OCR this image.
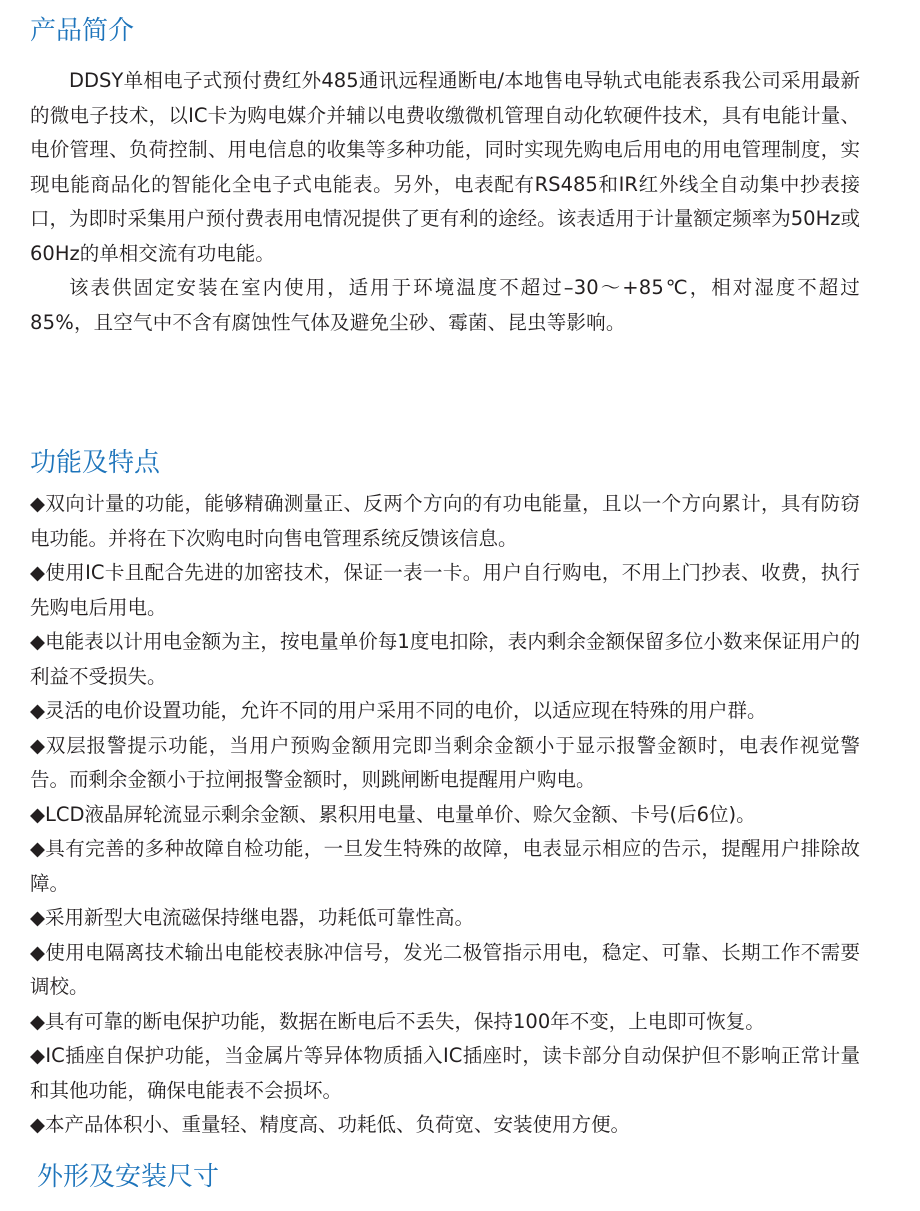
产品简介

DDSY单相电子式预付费红外485通讯远程通断电/本地售电导轨式电能表系我公司采用最新的微电子技术，以IC卡为购电媒介并辅以电费收缴微机管理自动化软硬件技术，具有电能计量、电价管理、负荷控制、用电信息的收集等多种功能，同时实现先购电后用电的用电管理制度，实现电能商品化的智能化全电子式电能表。另外，电表配有RS485和IR红外线全自动集中抄表接口，为即时采集用户预付费表用电情况提供了更有利的途经。该表适用于计量额定频率为50Hz或60Hz的单相交流有功电能。

该表供固定安装在室内使用，适用于环境温度不超过–30～+85℃，相对湿度不超过85%，且空气中不含有腐蚀性气体及避免尘砂、霉菌、昆虫等影响。

功能及特点
◆双向计量的功能，能够精确测量正、反两个方向的有功电能量，且以一个方向累计，具有防窃电功能。并将在下次购电时向售电管理系统反馈该信息。
◆使用IC卡且配合先进的加密技术，保证一表一卡。用户自行购电，不用上门抄表、收费，执行先购电后用电。
◆电能表以计用电金额为主，按电量单价每1度电扣除，表内剩余金额保留多位小数来保证用户的利益不受损失。
◆灵活的电价设置功能，允许不同的用户采用不同的电价，以适应现在特殊的用户群。
◆双层报警提示功能，当用户预购金额用完即当剩余金额小于显示报警金额时，电表作视觉警告。而剩余金额小于拉闸报警金额时，则跳闸断电提醒用户购电。
◆LCD液晶屏轮流显示剩余金额、累积用电量、电量单价、赊欠金额、卡号(后6位)。
◆具有完善的多种故障自检功能，一旦发生特殊的故障，电表显示相应的告示，提醒用户排除故障。
◆采用新型大电流磁保持继电器，功耗低可靠性高。
◆使用电隔离技术输出电能校表脉冲信号，发光二极管指示用电，稳定、可靠、长期工作不需要调校。
◆具有可靠的断电保护功能，数据在断电后不丢失，保持100年不变，上电即可恢复。
◆IC插座自保护功能，当金属片等异体物质插入IC插座时，读卡部分自动保护但不影响正常计量和其他功能，确保电能表不会损坏。
◆本产品体积小、重量轻、精度高、功耗低、负荷宽、安装使用方便。
外形及安装尺寸
